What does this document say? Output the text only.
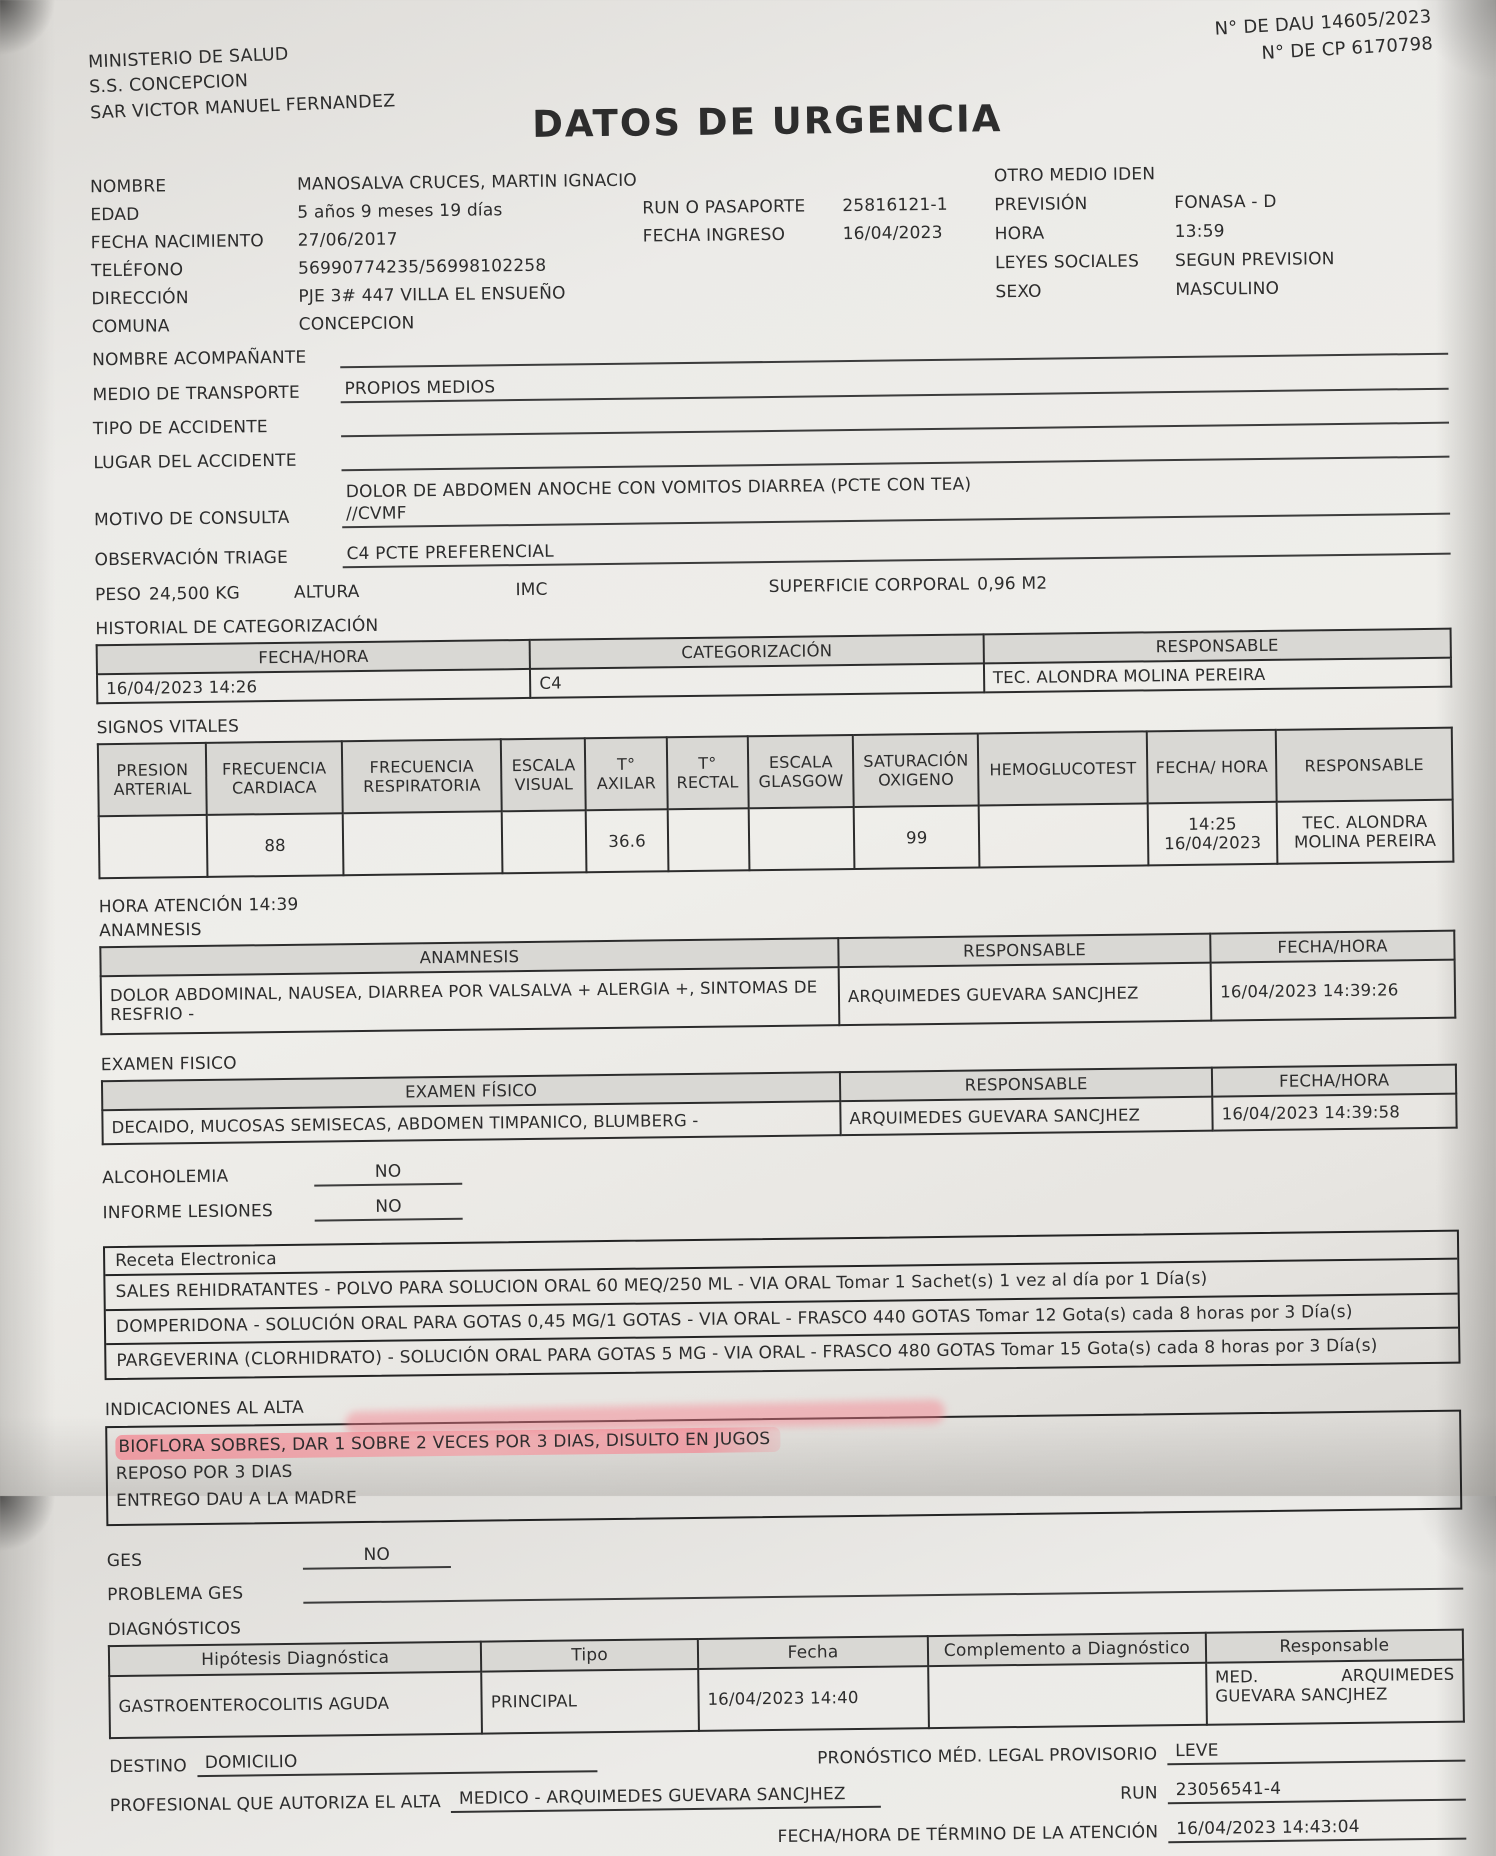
MINISTERIO DE SALUD
S.S. CONCEPCION
SAR VICTOR MANUEL FERNANDEZ
N° DE DAU 14605/2023
N° DE CP 6170798
DATOS DE URGENCIA
NOMBRE	MANOSALVA CRUCES, MARTIN IGNACIO
EDAD	5 años 9 meses 19 días	RUN O PASAPORTE	25816121-1
FECHA NACIMIENTO	27/06/2017	FECHA INGRESO	16/04/2023
TELÉFONO	56990774235/56998102258
DIRECCIÓN	PJE 3# 447 VILLA EL ENSUEÑO
COMUNA	CONCEPCION
OTRO MEDIO IDEN
PREVISIÓN	FONASA - D
HORA	13:59
LEYES SOCIALES	SEGUN PREVISION
SEXO	MASCULINO
NOMBRE ACOMPAÑANTE
MEDIO DE TRANSPORTE	PROPIOS MEDIOS
TIPO DE ACCIDENTE
LUGAR DEL ACCIDENTE
MOTIVO DE CONSULTA
DOLOR DE ABDOMEN ANOCHE CON VOMITOS DIARREA (PCTE CON TEA)
//CVMF
OBSERVACIÓN TRIAGE	C4 PCTE PREFERENCIAL
PESO 24,500 KG	ALTURA	IMC	SUPERFICIE CORPORAL 0,96 M2
HISTORIAL DE CATEGORIZACIÓN
FECHA/HORA	CATEGORIZACIÓN	RESPONSABLE
16/04/2023 14:26	C4	TEC. ALONDRA MOLINA PEREIRA
SIGNOS VITALES
PRESION ARTERIAL	FRECUENCIA CARDIACA	FRECUENCIA RESPIRATORIA	ESCALA VISUAL	T° AXILAR	T° RECTAL	ESCALA GLASGOW	SATURACIÓN OXIGENO	HEMOGLUCOTEST	FECHA/ HORA	RESPONSABLE
	88			36.6			99		14:25 16/04/2023	TEC. ALONDRA MOLINA PEREIRA
HORA ATENCIÓN 14:39
ANAMNESIS
ANAMNESIS	RESPONSABLE	FECHA/HORA
DOLOR ABDOMINAL, NAUSEA, DIARREA POR VALSALVA + ALERGIA +, SINTOMAS DE RESFRIO -	ARQUIMEDES GUEVARA SANCJHEZ	16/04/2023 14:39:26
EXAMEN FISICO
EXAMEN FÍSICO	RESPONSABLE	FECHA/HORA
DECAIDO, MUCOSAS SEMISECAS, ABDOMEN TIMPANICO, BLUMBERG -	ARQUIMEDES GUEVARA SANCJHEZ	16/04/2023 14:39:58
ALCOHOLEMIA	NO
INFORME LESIONES	NO
Receta Electronica
SALES REHIDRATANTES - POLVO PARA SOLUCION ORAL 60 MEQ/250 ML - VIA ORAL Tomar 1 Sachet(s) 1 vez al día por 1 Día(s)
DOMPERIDONA - SOLUCIÓN ORAL PARA GOTAS 0,45 MG/1 GOTAS - VIA ORAL - FRASCO 440 GOTAS Tomar 12 Gota(s) cada 8 horas por 3 Día(s)
PARGEVERINA (CLORHIDRATO) - SOLUCIÓN ORAL PARA GOTAS 5 MG - VIA ORAL - FRASCO 480 GOTAS Tomar 15 Gota(s) cada 8 horas por 3 Día(s)
INDICACIONES AL ALTA
BIOFLORA SOBRES, DAR 1 SOBRE 2 VECES POR 3 DIAS, DISULTO EN JUGOS
REPOSO POR 3 DIAS
ENTREGO DAU A LA MADRE
GES	NO
PROBLEMA GES
DIAGNÓSTICOS
Hipótesis Diagnóstica	Tipo	Fecha	Complemento a Diagnóstico	Responsable
GASTROENTEROCOLITIS AGUDA	PRINCIPAL	16/04/2023 14:40		MED. ARQUIMEDES GUEVARA SANCJHEZ
DESTINO	DOMICILIO	PRONÓSTICO MÉD. LEGAL PROVISORIO	LEVE
PROFESIONAL QUE AUTORIZA EL ALTA	MEDICO - ARQUIMEDES GUEVARA SANCJHEZ	RUN	23056541-4
FECHA/HORA DE TÉRMINO DE LA ATENCIÓN	16/04/2023 14:43:04
